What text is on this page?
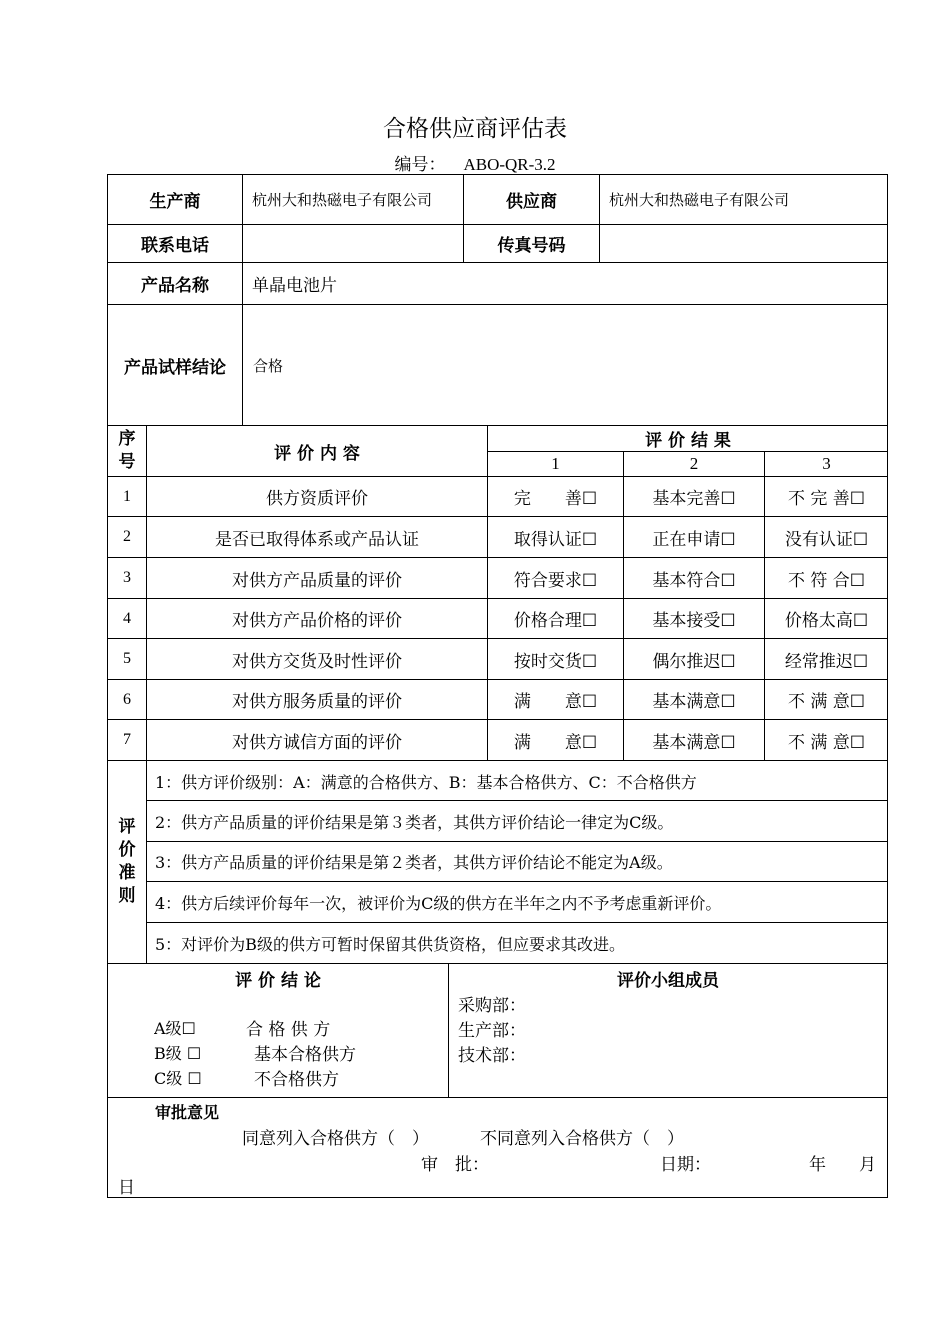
合格供应商评估表
编号： ABO-QR-3.2
生产商	杭州大和热磁电子有限公司	供应商	杭州大和热磁电子有限公司
联系电话	传真号码
产品名称	单晶电池片
产品试样结论	合格
序号	评 价 内 容
评 价 结 果
1	2	3
1	供方资质评价	完　　善☐	基本完善☐	不 完 善☐
2	是否已取得体系或产品认证	取得认证☐	正在申请☐	没有认证☐
3	对供方产品质量的评价	符合要求☐	基本符合☐	不 符 合☐
4	对供方产品价格的评价	价格合理☐	基本接受☐	价格太高☐
5	对供方交货及时性评价	按时交货☐	偶尔推迟☐	经常推迟☐
6	对供方服务质量的评价	满　　意☐	基本满意☐	不 满 意☐
7	对供方诚信方面的评价	满　　意☐	基本满意☐	不 满 意☐
评价准则
1：供方评价级别：A：满意的合格供方、B：基本合格供方、C：不合格供方
2：供方产品质量的评价结果是第３类者，其供方评价结论一律定为C级。
3：供方产品质量的评价结果是第２类者，其供方评价结论不能定为A级。
4：供方后续评价每年一次，被评价为C级的供方在半年之内不予考虑重新评价。
5：对评价为B级的供方可暂时保留其供货资格，但应要求其改进。
评 价 结 论
A级☐	合 格 供 方
B级 ☐	基本合格供方
C级 ☐	不合格供方
评价小组成员
采购部：
生产部：
技术部：
审批意见
同意列入合格供方（　）	不同意列入合格供方（　）
审　批：	日期：	年	月
日
